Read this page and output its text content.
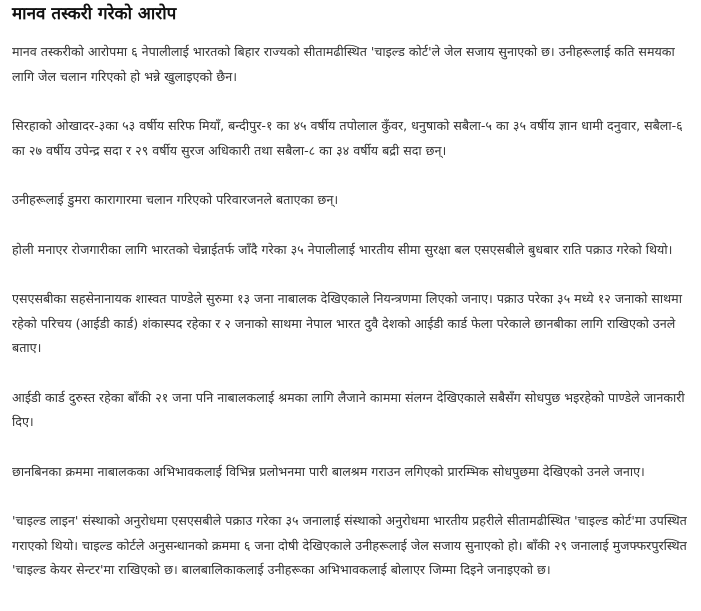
मानव तस्करी गरेको आरोप

मानव तस्करीको आरोपमा ६ नेपालीलाई भारतको बिहार राज्यको सीतामढीस्थित 'चाइल्ड कोर्ट'ले जेल सजाय सुनाएको छ। उनीहरूलाई कति समयका लागि जेल चलान गरिएको हो भन्ने खुलाइएको छैन।

सिरहाको ओखादर-३का ५३ वर्षीय सरिफ मियाँ, बन्दीपुर-१ का ४५ वर्षीय तपोलाल कुँवर, धनुषाको सबैला-५ का ३५ वर्षीय ज्ञान धामी दनुवार, सबैला-६ का २७ वर्षीय उपेन्द्र सदा र २९ वर्षीय सुरज अधिकारी तथा सबैला-८ का ३४ वर्षीय बद्री सदा छन्।

उनीहरूलाई डुमरा कारागारमा चलान गरिएको परिवारजनले बताएका छन्।

होली मनाएर रोजगारीका लागि भारतको चेन्नाईतर्फ जाँदै गरेका ३५ नेपालीलाई भारतीय सीमा सुरक्षा बल एसएसबीले बुधबार राति पक्राउ गरेको थियो।

एसएसबीका सहसेनानायक शास्वत पाण्डेले सुरुमा १३ जना नाबालक देखिएकाले नियन्त्रणमा लिएको जनाए। पक्राउ परेका ३५ मध्ये १२ जनाको साथमा रहेको परिचय (आईडी कार्ड) शंकास्पद रहेका र २ जनाको साथमा नेपाल भारत दुवै देशको आईडी कार्ड फेला परेकाले छानबीका लागि राखिएको उनले बताए।

आईडी कार्ड दुरुस्त रहेका बाँकी २१ जना पनि नाबालकलाई श्रमका लागि लैजाने काममा संलग्न देखिएकाले सबैसँग सोधपुछ भइरहेको पाण्डेले जानकारी दिए।

छानबिनका क्रममा नाबालकका अभिभावकलाई विभिन्न प्रलोभनमा पारी बालश्रम गराउन लगिएको प्रारम्भिक सोधपुछमा देखिएको उनले जनाए।

'चाइल्ड लाइन' संस्थाको अनुरोधमा एसएसबीले पक्राउ गरेका ३५ जनालाई संस्थाको अनुरोधमा भारतीय प्रहरीले सीतामढीस्थित 'चाइल्ड कोर्ट'मा उपस्थित गराएको थियो। चाइल्ड कोर्टले अनुसन्धानको क्रममा ६ जना दोषी देखिएकाले उनीहरूलाई जेल सजाय सुनाएको हो। बाँकी २९ जनालाई मुजफ्फरपुरस्थित 'चाइल्ड केयर सेन्टर'मा राखिएको छ। बालबालिकाकलाई उनीहरूका अभिभावकलाई बोलाएर जिम्मा दिइने जनाइएको छ।
